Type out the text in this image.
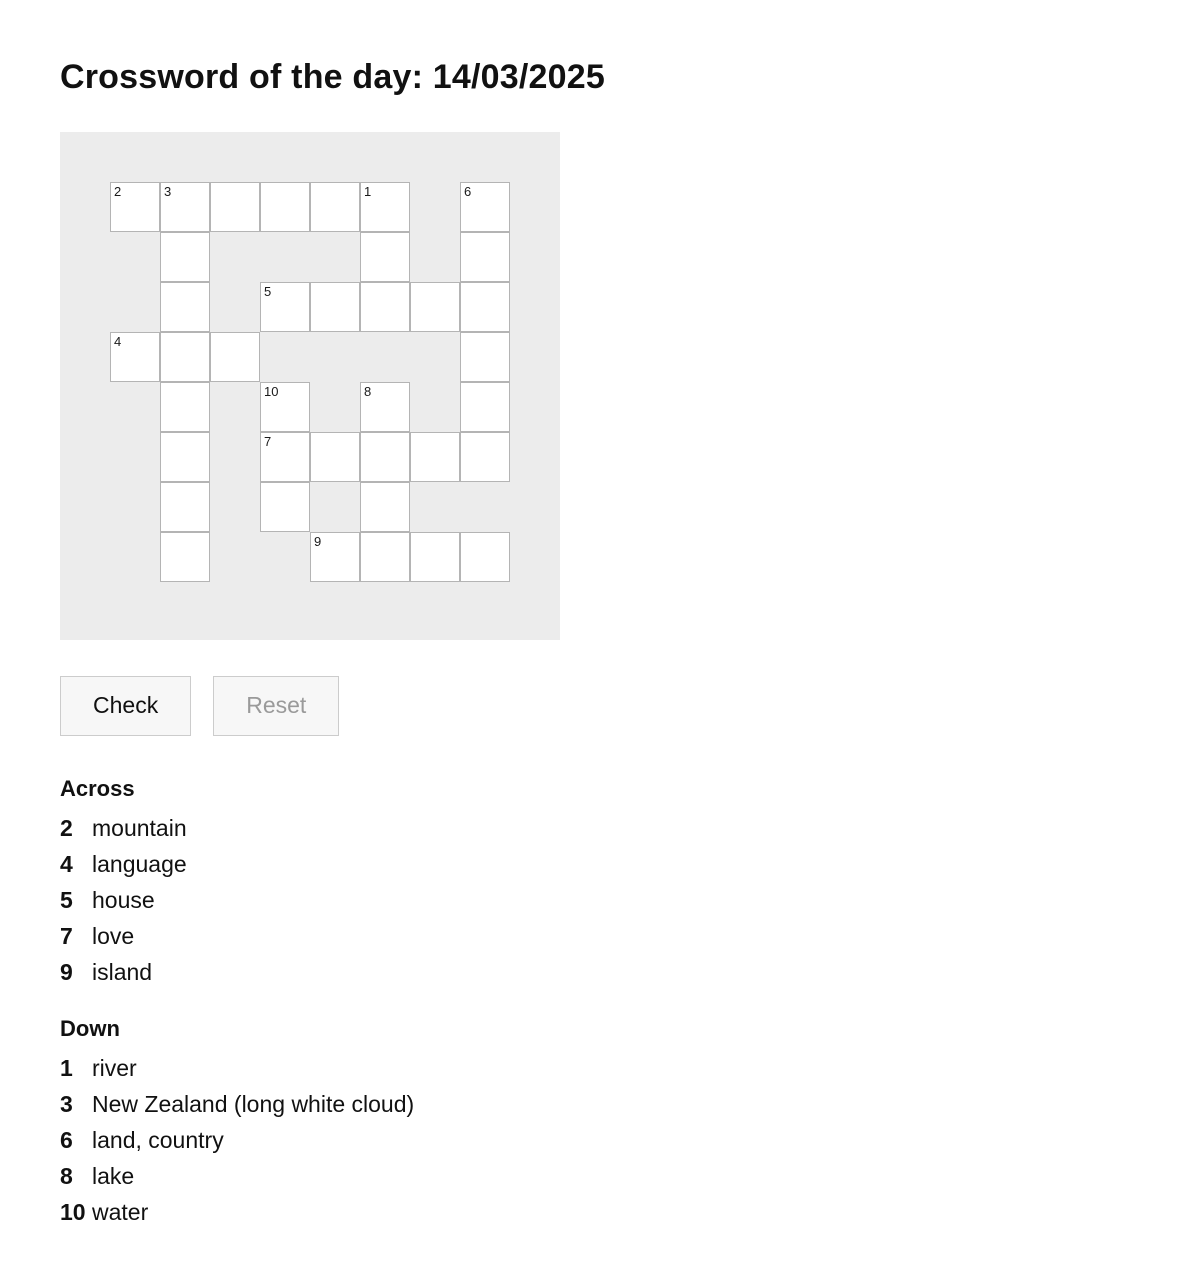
Crossword of the day: 14/03/2025
2	3	1	6
5
4
10	8
7
9
Check	Reset
Across
2 mountain
4 language
5 house
7 love
9 island
Down
1 river
3 New Zealand (long white cloud)
6 land, country
8 lake
10 water
